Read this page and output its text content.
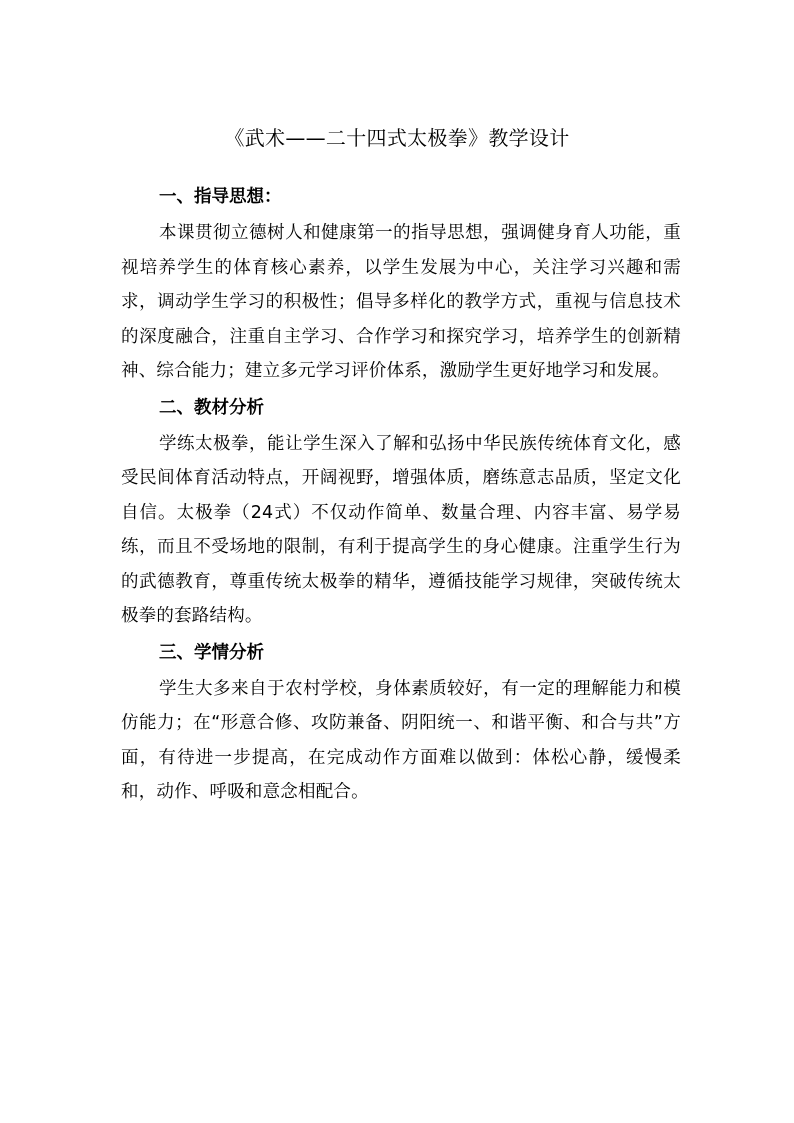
《武术——二十四式太极拳》教学设计

一、指导思想：

本课贯彻立德树人和健康第一的指导思想，强调健身育人功能，重视培养学生的体育核心素养，以学生发展为中心，关注学习兴趣和需求，调动学生学习的积极性；倡导多样化的教学方式，重视与信息技术的深度融合，注重自主学习、合作学习和探究学习，培养学生的创新精神、综合能力；建立多元学习评价体系，激励学生更好地学习和发展。

二、教材分析

学练太极拳，能让学生深入了解和弘扬中华民族传统体育文化，感受民间体育活动特点，开阔视野，增强体质，磨练意志品质，坚定文化自信。太极拳（24式）不仅动作简单、数量合理、内容丰富、易学易练，而且不受场地的限制，有利于提高学生的身心健康。注重学生行为的武德教育，尊重传统太极拳的精华，遵循技能学习规律，突破传统太极拳的套路结构。

三、学情分析

学生大多来自于农村学校，身体素质较好，有一定的理解能力和模仿能力；在“形意合修、攻防兼备、阴阳统一、和谐平衡、和合与共”方面，有待进一步提高，在完成动作方面难以做到：体松心静，缓慢柔和，动作、呼吸和意念相配合。
